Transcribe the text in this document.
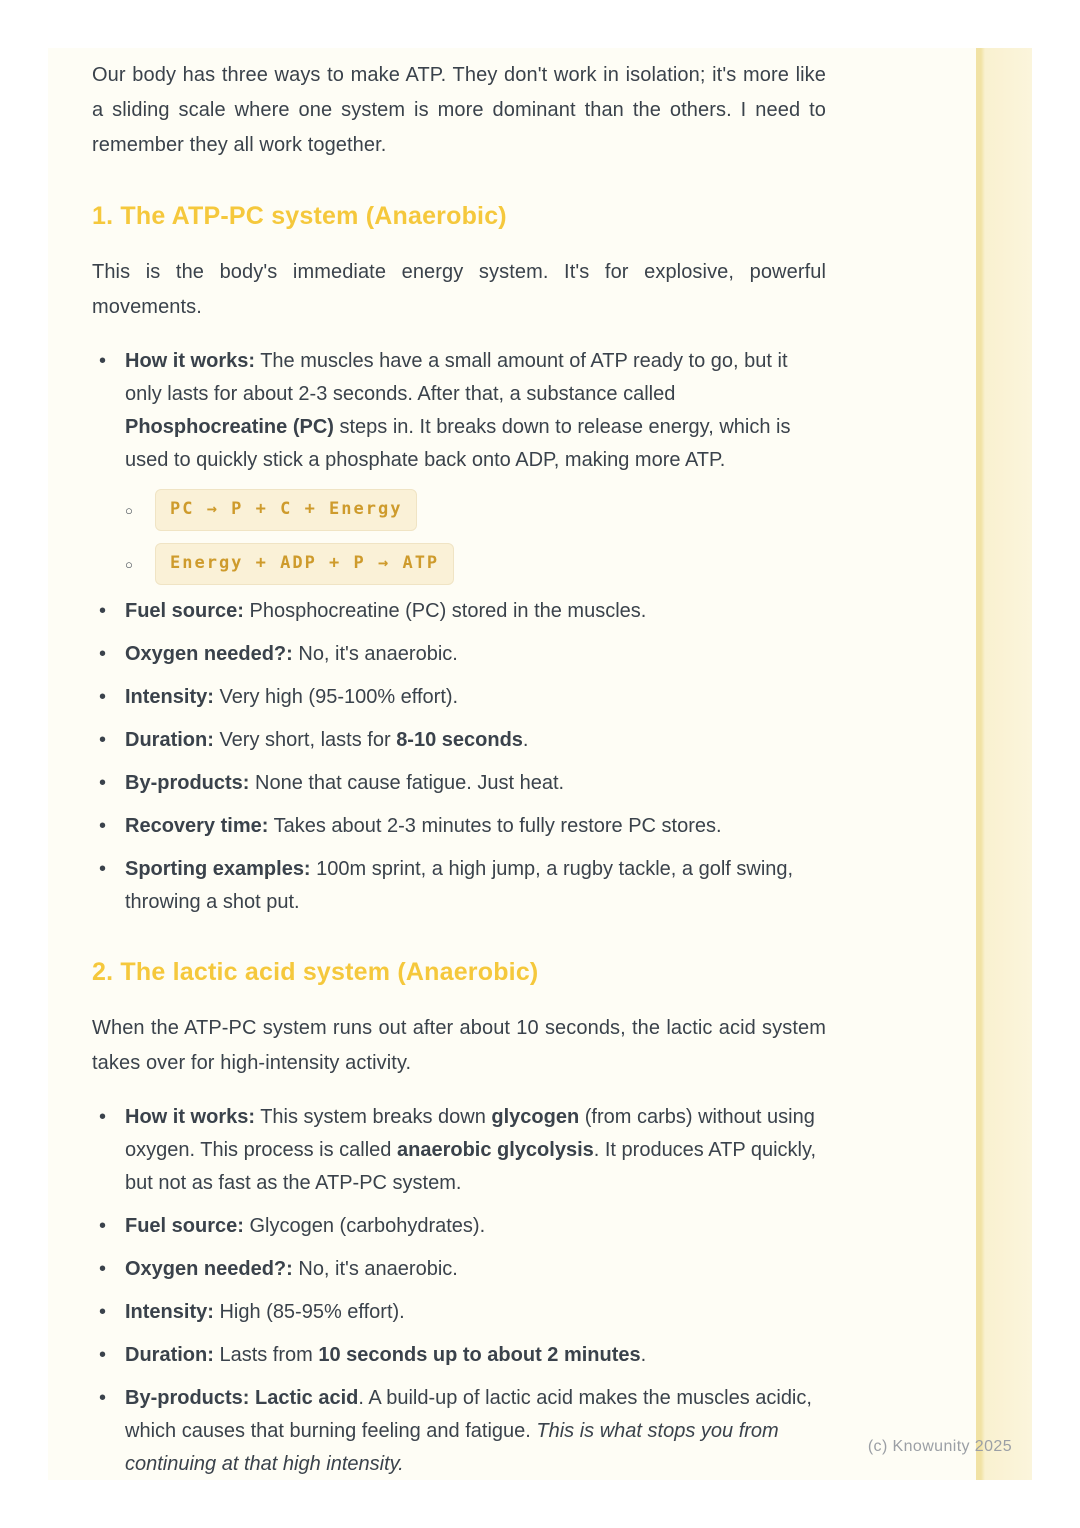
Our body has three ways to make ATP. They don't work in isolation; it's more like a sliding scale where one system is more dominant than the others. I need to remember they all work together.

1. The ATP-PC system (Anaerobic)

This is the body's immediate energy system. It's for explosive, powerful movements.

• How it works: The muscles have a small amount of ATP ready to go, but it only lasts for about 2-3 seconds. After that, a substance called Phosphocreatine (PC) steps in. It breaks down to release energy, which is used to quickly stick a phosphate back onto ADP, making more ATP.
○ PC → P + C + Energy
○ Energy + ADP + P → ATP
• Fuel source: Phosphocreatine (PC) stored in the muscles.
• Oxygen needed?: No, it's anaerobic.
• Intensity: Very high (95-100% effort).
• Duration: Very short, lasts for 8-10 seconds.
• By-products: None that cause fatigue. Just heat.
• Recovery time: Takes about 2-3 minutes to fully restore PC stores.
• Sporting examples: 100m sprint, a high jump, a rugby tackle, a golf swing, throwing a shot put.
2. The lactic acid system (Anaerobic)

When the ATP-PC system runs out after about 10 seconds, the lactic acid system takes over for high-intensity activity.

• How it works: This system breaks down glycogen (from carbs) without using oxygen. This process is called anaerobic glycolysis. It produces ATP quickly, but not as fast as the ATP-PC system.
• Fuel source: Glycogen (carbohydrates).
• Oxygen needed?: No, it's anaerobic.
• Intensity: High (85-95% effort).
• Duration: Lasts from 10 seconds up to about 2 minutes.
• By-products: Lactic acid. A build-up of lactic acid makes the muscles acidic, which causes that burning feeling and fatigue. This is what stops you from continuing at that high intensity.
(c) Knowunity 2025
